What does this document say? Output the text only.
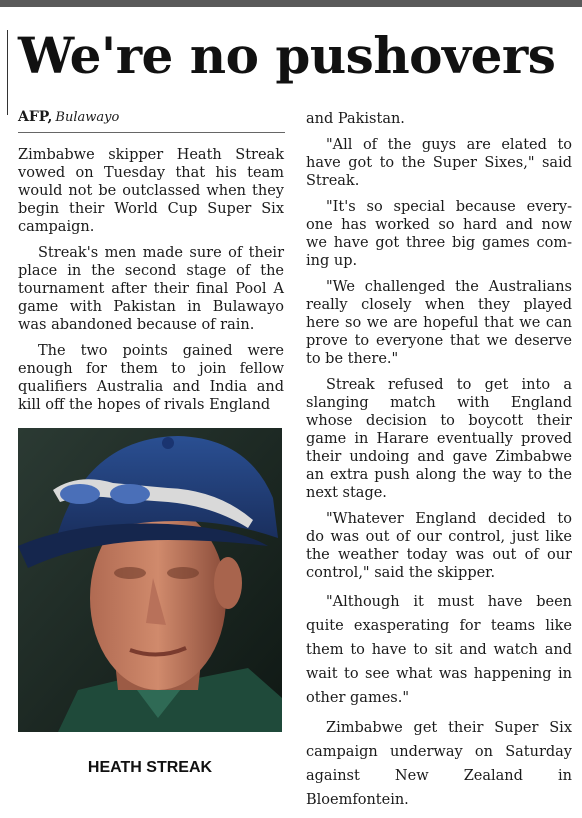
We're no pushovers
AFP, Bulawayo

Zimbabwe skipper Heath Streak vowed on Tuesday that his team would not be outclassed when they begin their World Cup Super Six campaign.

Streak's men made sure of their place in the second stage of the tournament after their final Pool A game with Pakistan in Bulawayo was abandoned because of rain.

The two points gained were enough for them to join fellow qualifiers Australia and India and kill off the hopes of rivals England

HEATH STREAK

and Pakistan.

"All of the guys are elated to have got to the Super Sixes," said Streak.

"It's so special because every- one has worked so hard and now we have got three big games com- ing up.

"We challenged the Australians really closely when they played here so we are hopeful that we can prove to everyone that we deserve to be there."

Streak refused to get into a slanging match with England whose decision to boycott their game in Harare eventually proved their undoing and gave Zimbabwe an extra push along the way to the next stage.

"Whatever England decided to do was out of our control, just like the weather today was out of our control," said the skipper.

"Although it must have been quite exasperating for teams like them to have to sit and watch and wait to see what was happening in other games."

Zimbabwe get their Super Six campaign underway on Saturday against New Zealand in Bloemfontein.
